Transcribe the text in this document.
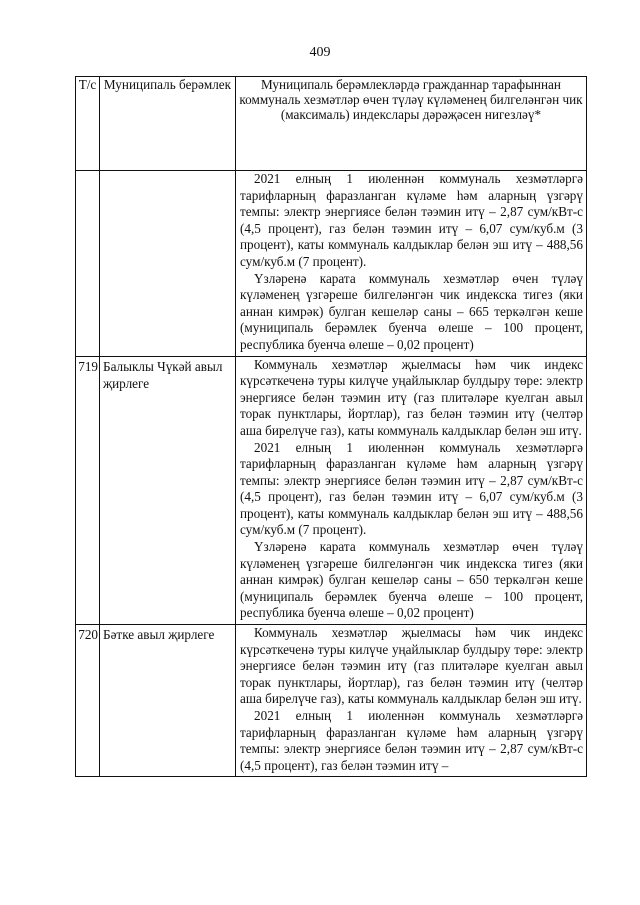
409
Т/с	Муниципаль берәмлек	Муниципаль берәмлекләрдә гражданнар тарафыннан коммуналь хезмәтләр өчен түләү күләменең билгеләнгән чик (максималь) индекслары дәрәҗәсен нигезләү*

		2021 елның 1 июленнән коммуналь хезмәтләргә тарифларның фаразланган күләме һәм аларның үзгәрү темпы: электр энергиясе белән тәэмин итү – 2,87 сум/кВт-с (4,5 процент), газ белән тәэмин итү – 6,07 сум/куб.м (3 процент), каты коммуналь калдыклар белән эш итү – 488,56 сум/куб.м (7 процент).

Үзләренә карата коммуналь хезмәтләр өчен түләү күләменең үзгәреше билгеләнгән чик индекска тигез (яки аннан кимрәк) булган кешеләр саны – 665 теркәлгән кеше (муниципаль берәмлек буенча өлеше – 100 процент, республика буенча өлеше – 0,02 процент)

719	Балыклы Чүкәй авыл җирлеге	Коммуналь хезмәтләр җыелмасы һәм чик индекс күрсәткеченә туры килүче уңайлыклар булдыру төре: электр энергиясе белән тәэмин итү (газ плитәләре куелган авыл торак пунктлары, йортлар), газ белән тәэмин итү (челтәр аша бирелүче газ), каты коммуналь калдыклар белән эш итү.

2021 елның 1 июленнән коммуналь хезмәтләргә тарифларның фаразланган күләме һәм аларның үзгәрү темпы: электр энергиясе белән тәэмин итү – 2,87 сум/кВт-с (4,5 процент), газ белән тәэмин итү – 6,07 сум/куб.м (3 процент), каты коммуналь калдыклар белән эш итү – 488,56 сум/куб.м (7 процент).

Үзләренә карата коммуналь хезмәтләр өчен түләү күләменең үзгәреше билгеләнгән чик индекска тигез (яки аннан кимрәк) булган кешеләр саны – 650 теркәлгән кеше (муниципаль берәмлек буенча өлеше – 100 процент, республика буенча өлеше – 0,02 процент)

720	Бәтке авыл җирлеге	Коммуналь хезмәтләр җыелмасы һәм чик индекс күрсәткеченә туры килүче уңайлыклар булдыру төре: электр энергиясе белән тәэмин итү (газ плитәләре куелган авыл торак пунктлары, йортлар), газ белән тәэмин итү (челтәр аша бирелүче газ), каты коммуналь калдыклар белән эш итү.

2021 елның 1 июленнән коммуналь хезмәтләргә тарифларның фаразланган күләме һәм аларның үзгәрү темпы: электр энергиясе белән тәэмин итү – 2,87 сум/кВт-с (4,5 процент), газ белән тәэмин итү –
